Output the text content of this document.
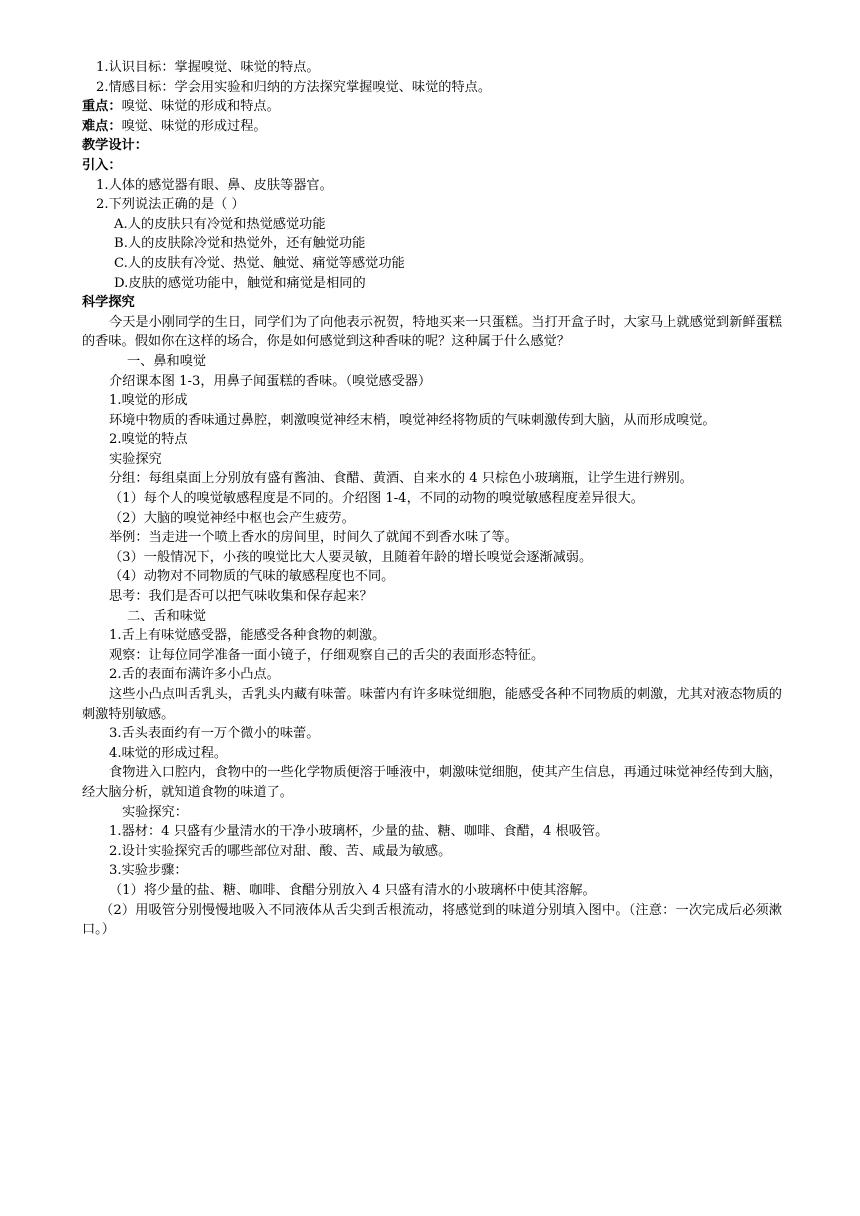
1.认识目标：掌握嗅觉、味觉的特点。

2.情感目标：学会用实验和归纳的方法探究掌握嗅觉、味觉的特点。

重点：嗅觉、味觉的形成和特点。

难点：嗅觉、味觉的形成过程。

教学设计：

引入：

1.人体的感觉器有眼、鼻、皮肤等器官。

2.下列说法正确的是（ ）

A.人的皮肤只有冷觉和热觉感觉功能

B.人的皮肤除冷觉和热觉外，还有触觉功能

C.人的皮肤有冷觉、热觉、触觉、痛觉等感觉功能

D.皮肤的感觉功能中，触觉和痛觉是相同的

科学探究

今天是小刚同学的生日，同学们为了向他表示祝贺，特地买来一只蛋糕。当打开盒子时，大家马上就感觉到新鲜蛋糕的香味。假如你在这样的场合，你是如何感觉到这种香味的呢？这种属于什么感觉？

一、鼻和嗅觉

介绍课本图 1-3，用鼻子闻蛋糕的香味。（嗅觉感受器）

1.嗅觉的形成

环境中物质的香味通过鼻腔，刺激嗅觉神经末梢，嗅觉神经将物质的气味刺激传到大脑，从而形成嗅觉。

2.嗅觉的特点

实验探究

分组：每组桌面上分别放有盛有酱油、食醋、黄酒、自来水的 4 只棕色小玻璃瓶，让学生进行辨别。

（1）每个人的嗅觉敏感程度是不同的。介绍图 1-4，不同的动物的嗅觉敏感程度差异很大。

（2）大脑的嗅觉神经中枢也会产生疲劳。

举例：当走进一个喷上香水的房间里，时间久了就闻不到香水味了等。

（3）一般情况下，小孩的嗅觉比大人要灵敏，且随着年龄的增长嗅觉会逐渐减弱。

（4）动物对不同物质的气味的敏感程度也不同。

思考：我们是否可以把气味收集和保存起来？

二、舌和味觉

1.舌上有味觉感受器，能感受各种食物的刺激。

观察：让每位同学准备一面小镜子，仔细观察自己的舌尖的表面形态特征。

2.舌的表面布满许多小凸点。

这些小凸点叫舌乳头，舌乳头内藏有味蕾。味蕾内有许多味觉细胞，能感受各种不同物质的刺激，尤其对液态物质的刺激特别敏感。

3.舌头表面约有一万个微小的味蕾。

4.味觉的形成过程。

食物进入口腔内，食物中的一些化学物质便溶于唾液中，刺激味觉细胞，使其产生信息，再通过味觉神经传到大脑，经大脑分析，就知道食物的味道了。

实验探究：

1.器材：4 只盛有少量清水的干净小玻璃杯，少量的盐、糖、咖啡、食醋，4 根吸管。

2.设计实验探究舌的哪些部位对甜、酸、苦、咸最为敏感。

3.实验步骤：

（1）将少量的盐、糖、咖啡、食醋分别放入 4 只盛有清水的小玻璃杯中使其溶解。

（2）用吸管分别慢慢地吸入不同液体从舌尖到舌根流动，将感觉到的味道分别填入图中。（注意：一次完成后必须漱口。）
